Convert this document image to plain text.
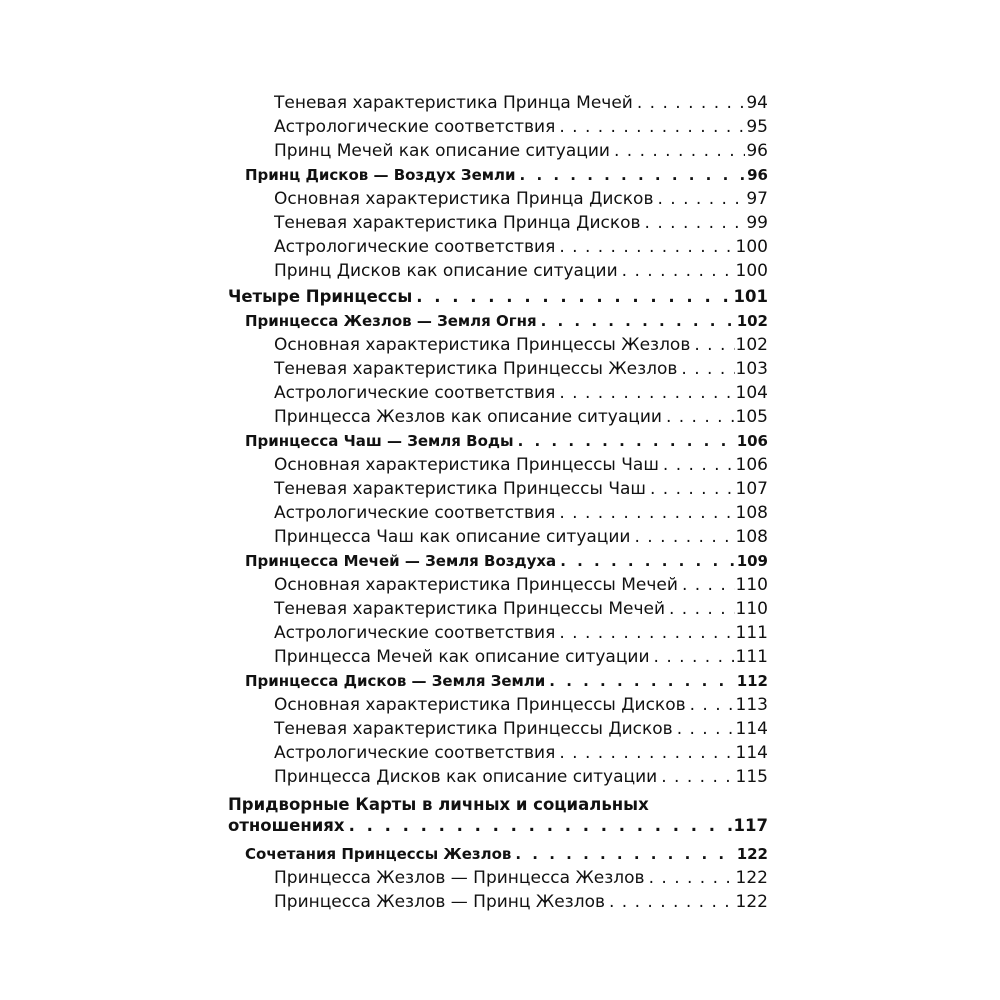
Теневая характеристика Принца Мечей . . .	94
Астрологические соответствия . . .	95
Принц Мечей как описание ситуации . . .	96
Принц Дисков — Воздух Земли . . .	96
Основная характеристика Принца Дисков . . .	97
Теневая характеристика Принца Дисков . . .	99
Астрологические соответствия . . .	100
Принц Дисков как описание ситуации . . .	100
Четыре Принцессы . . .	101
Принцесса Жезлов — Земля Огня . . .	102
Основная характеристика Принцессы Жезлов . . .	102
Теневая характеристика Принцессы Жезлов . . .	103
Астрологические соответствия . . .	104
Принцесса Жезлов как описание ситуации . . .	105
Принцесса Чаш — Земля Воды . . .	106
Основная характеристика Принцессы Чаш . . .	106
Теневая характеристика Принцессы Чаш . . .	107
Астрологические соответствия . . .	108
Принцесса Чаш как описание ситуации . . .	108
Принцесса Мечей — Земля Воздуха . . .	109
Основная характеристика Принцессы Мечей . . .	110
Теневая характеристика Принцессы Мечей . . .	110
Астрологические соответствия . . .	111
Принцесса Мечей как описание ситуации . . .	111
Принцесса Дисков — Земля Земли . . .	112
Основная характеристика Принцессы Дисков . . .	113
Теневая характеристика Принцессы Дисков . . .	114
Астрологические соответствия . . .	114
Принцесса Дисков как описание ситуации . . .	115
Придворные Карты в личных и социальных
отношениях . . .	117
Сочетания Принцессы Жезлов . . .	122
Принцесса Жезлов — Принцесса Жезлов . . .	122
Принцесса Жезлов — Принц Жезлов . . .	122
